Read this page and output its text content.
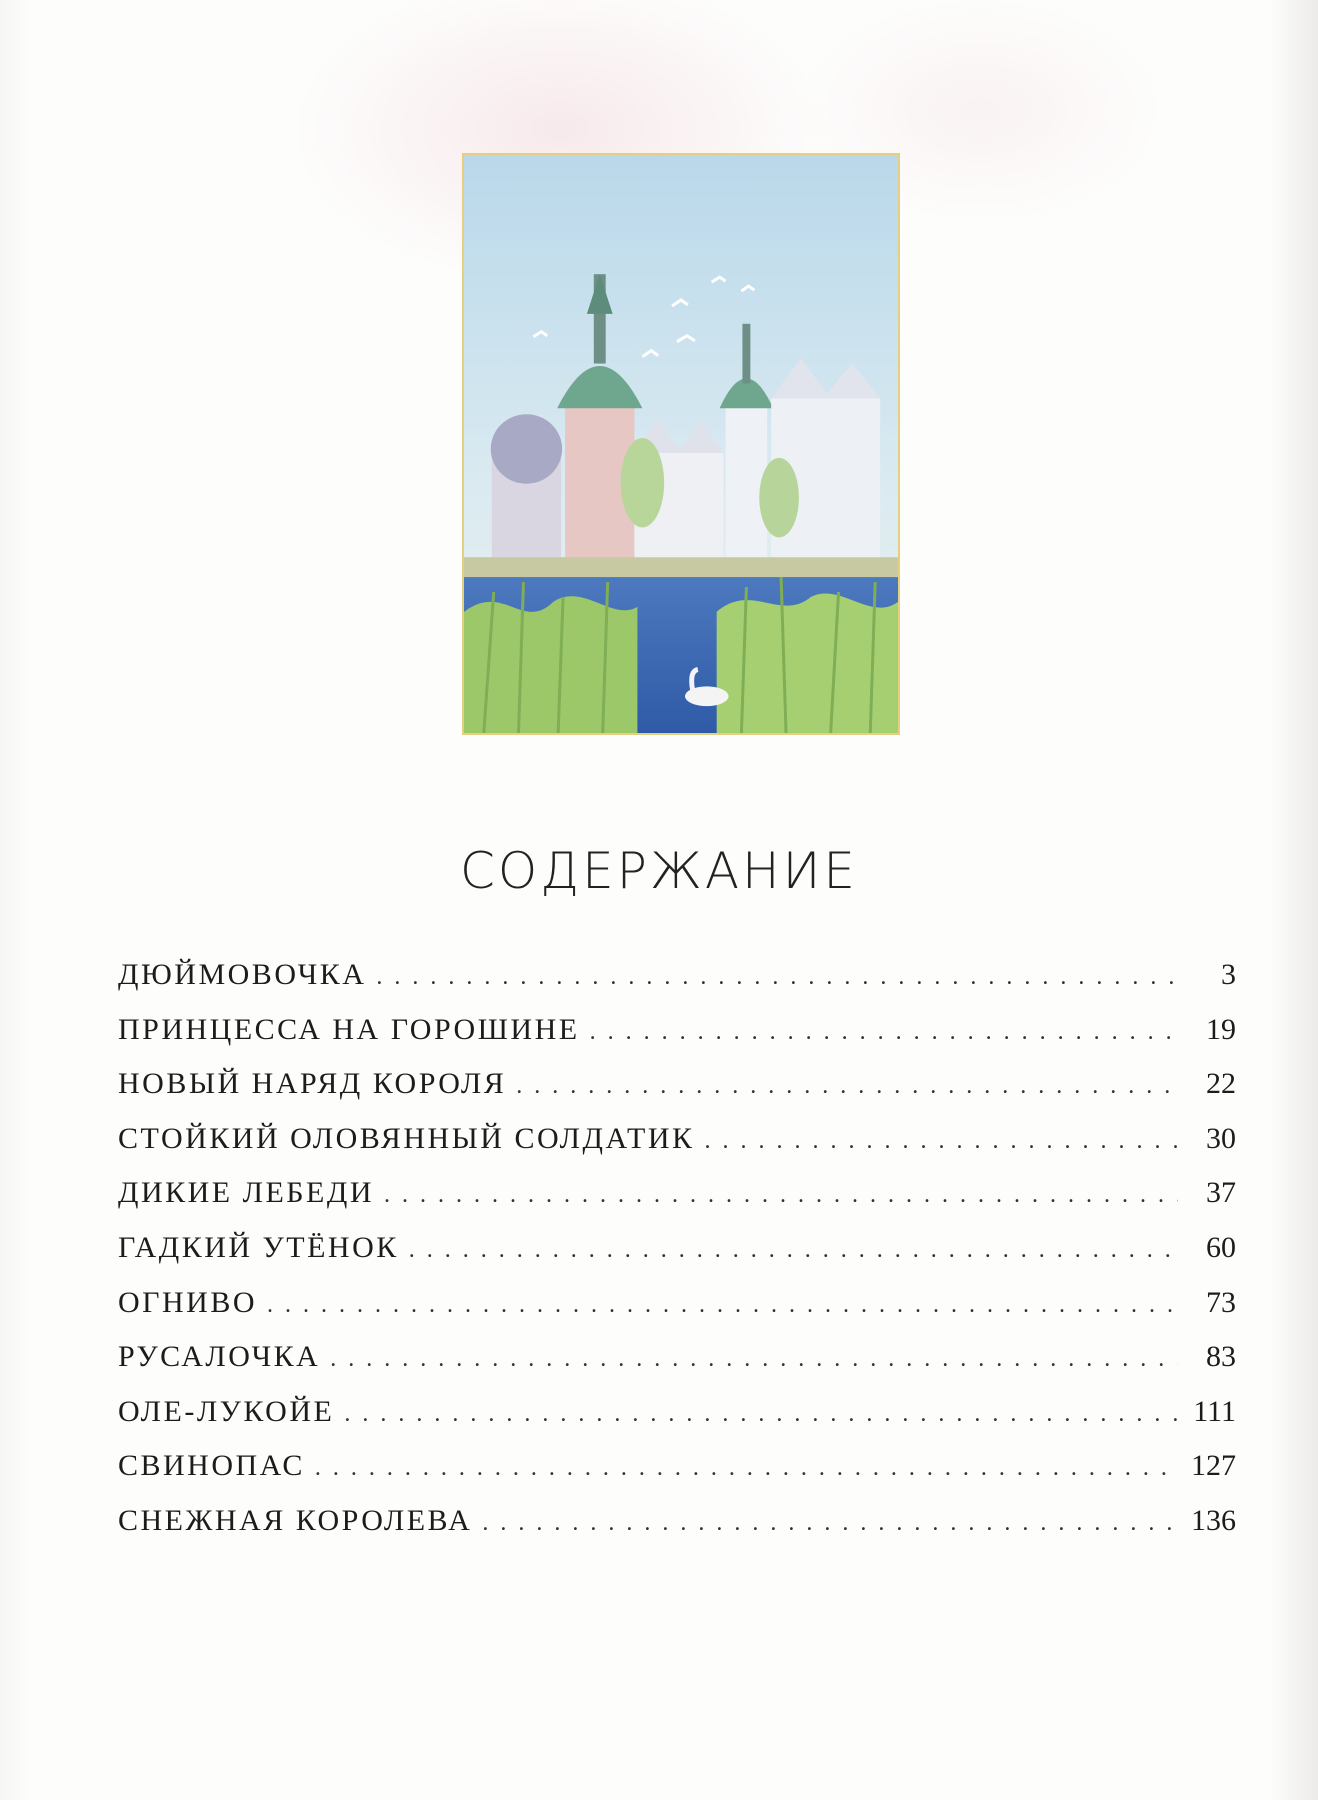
СОДЕРЖАНИЕ
ДЮЙМОВОЧКА . . .	3
ПРИНЦЕССА НА ГОРОШИНЕ . . .	19
НОВЫЙ НАРЯД КОРОЛЯ . . .	22
СТОЙКИЙ ОЛОВЯННЫЙ СОЛДАТИК . . .	30
ДИКИЕ ЛЕБЕДИ . . .	37
ГАДКИЙ УТЁНОК . . .	60
ОГНИВО . . .	73
РУСАЛОЧКА . . .	83
ОЛЕ-ЛУКОЙЕ . . .	111
СВИНОПАС . . .	127
СНЕЖНАЯ КОРОЛЕВА . . .	136
